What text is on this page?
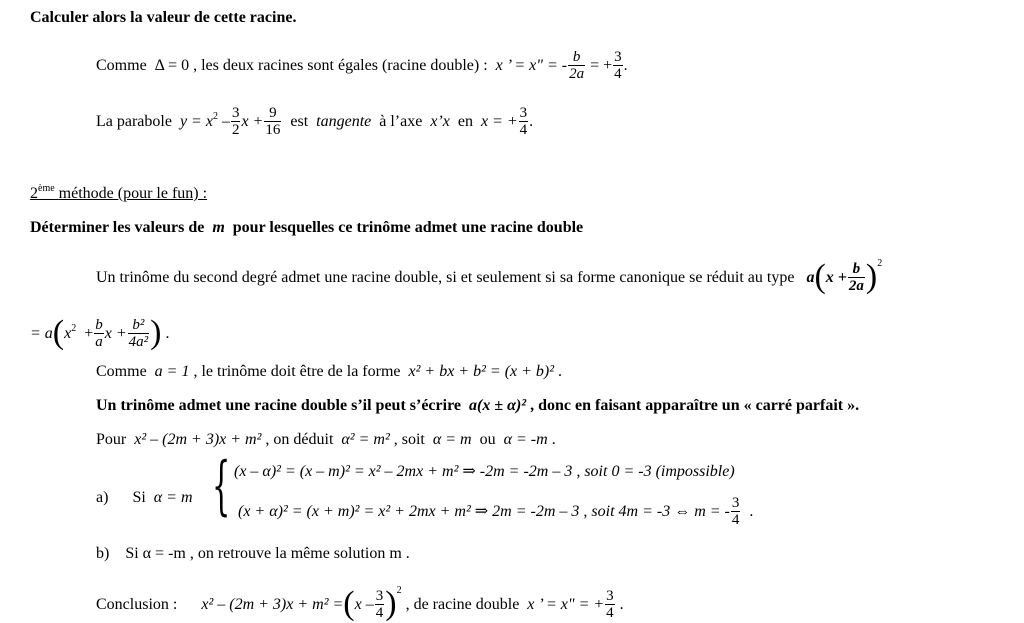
Calculer alors la valeur de cette racine.
Comme Δ = 0 , les deux racines sont égales (racine double) : x ’ = x" = - $\frac{b}{2a}$ = + $\frac{3}{4}$ .
La parabole $y = x^2 - \frac{3}{2}$ $x + \frac{9}{16}$ est tangente à l’axe x’x en x = + $\frac{3}{4}$ .
2ème méthode (pour le fun) :
Déterminer les valeurs de m pour lesquelles ce trinôme admet une racine double
Un trinôme du second degré admet une racine double, si et seulement si sa forme canonique se réduit au type $a(x + \frac{b}{2a} )^2$
= $a(x^2 + \frac{b}{a}$ $x + \frac{\text{b²}}{\text{4a²}}$ ) .
Comme a = 1 , le trinôme doit être de la forme x² + bx + b² = (x + b)² .
Un trinôme admet une racine double s’il peut s’écrire a(x ± α)² , donc en faisant apparaître un « carré parfait ».
Pour x² – (2m + 3)x + m² , on déduit α² = m² , soit α = m ou α = -m .
a) Si α = m { (x – α)² = (x – m)² = x² – 2mx + m² ⇒ -2m = -2m – 3 , soit 0 = -3 (impossible)
(x + α)² = (x + m)² = x² + 2mx + m² ⇒ 2m = -2m – 3 , soit 4m = -3 ⇔ m = - $\frac{3}{4}$ .
b) Si α = -m , on retrouve la même solution m .
Conclusion : $x^2 - (2m + 3)x + m^2 =(x - \frac{3}{4} )^2$ , de racine double x ’ = x" = + $\frac{3}{4}$ .
